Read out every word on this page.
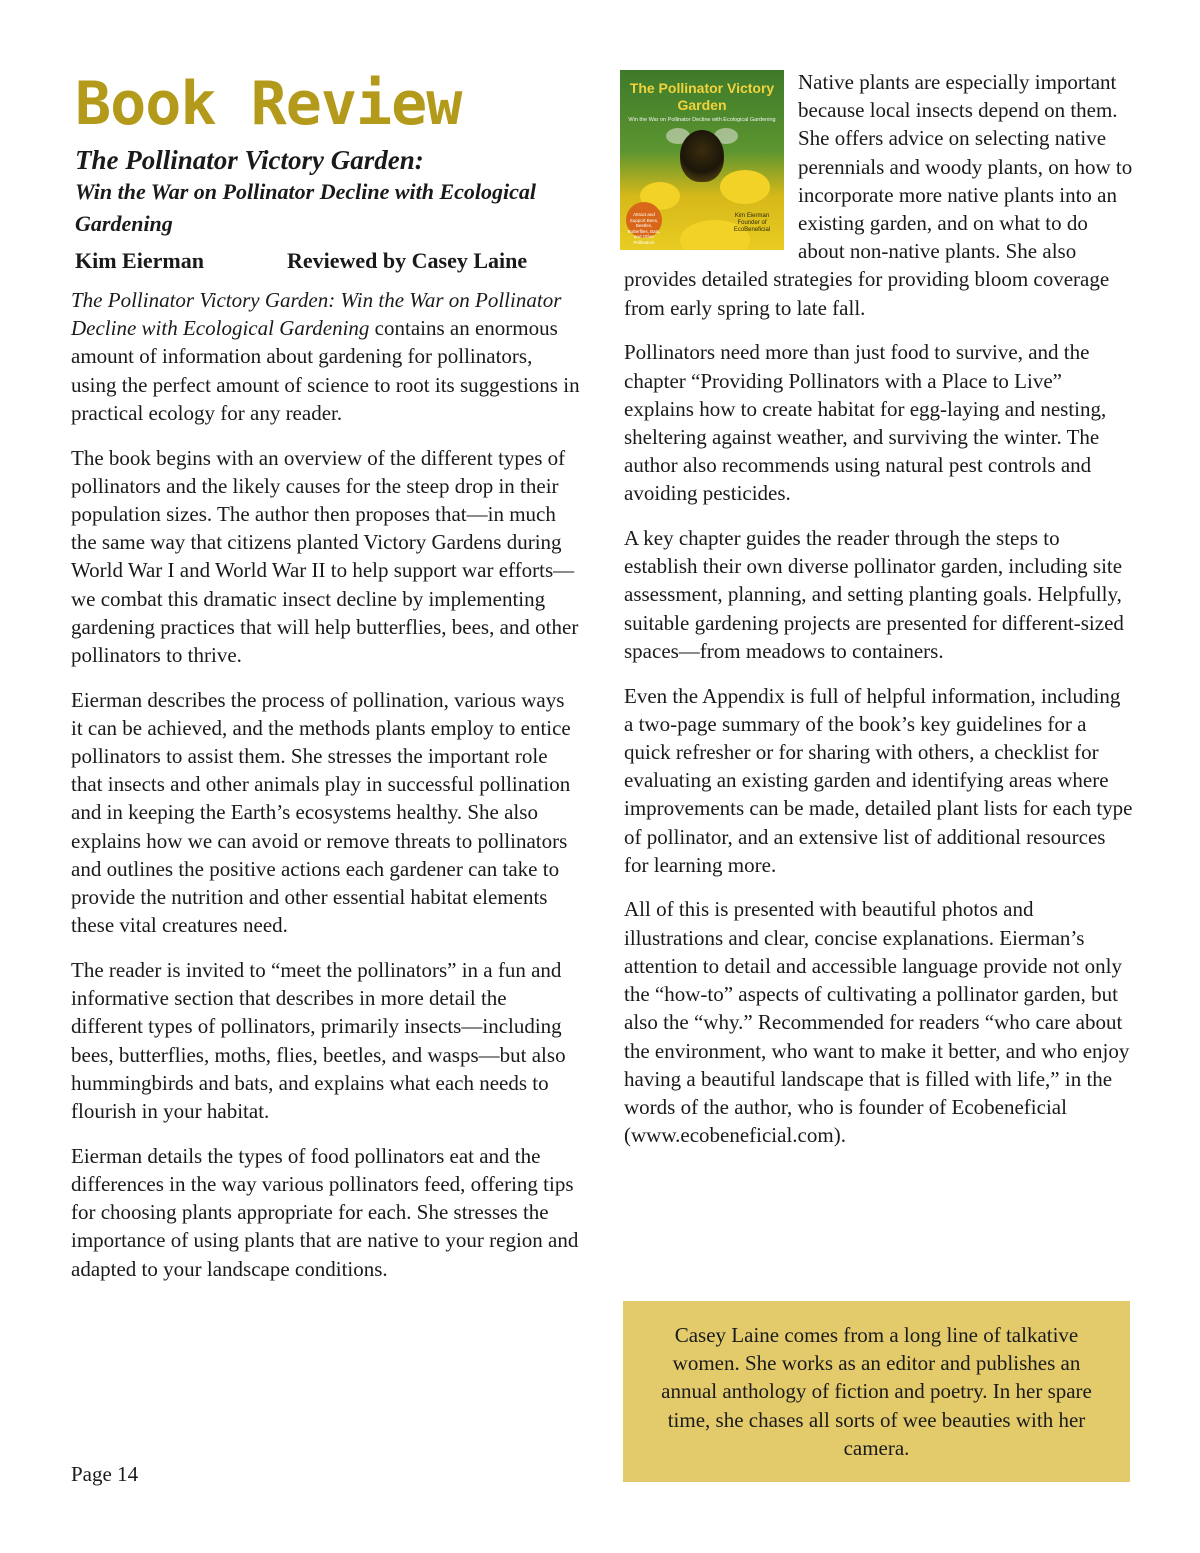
Book Review
The Pollinator Victory Garden:
Win the War on Pollinator Decline with Ecological Gardening
Kim Eierman	Reviewed by Casey Laine

The Pollinator Victory Garden: Win the War on Pollinator Decline with Ecological Gardening contains an enormous amount of information about gardening for pollinators, using the perfect amount of science to root its suggestions in practical ecology for any reader.

The book begins with an overview of the different types of pollinators and the likely causes for the steep drop in their population sizes. The author then proposes that—in much the same way that citizens planted Victory Gardens during World War I and World War II to help support war efforts—we combat this dramatic insect decline by implementing gardening practices that will help butterflies, bees, and other pollinators to thrive.

Eierman describes the process of pollination, various ways it can be achieved, and the methods plants employ to entice pollinators to assist them. She stresses the important role that insects and other animals play in successful pollination and in keeping the Earth’s ecosystems healthy. She also explains how we can avoid or remove threats to pollinators and outlines the positive actions each gardener can take to provide the nutrition and other essential habitat elements these vital creatures need.

The reader is invited to “meet the pollinators” in a fun and informative section that describes in more detail the different types of pollinators, primarily insects—including bees, butterflies, moths, flies, beetles, and wasps—but also hummingbirds and bats, and explains what each needs to flourish in your habitat.

Eierman details the types of food pollinators eat and the differences in the way various pollinators feed, offering tips for choosing plants appropriate for each. She stresses the importance of using plants that are native to your region and adapted to your landscape conditions.

The Pollinator Victory Garden
Win the War on Pollinator Decline with Ecological Gardening
Attract and Support Bees, Beetles, Butterflies, Bats, and Other Pollinators
Kim Eierman Founder of EcoBeneficial

Native plants are especially important because local insects depend on them. She offers advice on selecting native perennials and woody plants, on how to incorporate more native plants into an existing garden, and on what to do about non-native plants. She also provides detailed strategies for providing bloom coverage from early spring to late fall.

Pollinators need more than just food to survive, and the chapter “Providing Pollinators with a Place to Live” explains how to create habitat for egg-laying and nesting, sheltering against weather, and surviving the winter. The author also recommends using natural pest controls and avoiding pesticides.

A key chapter guides the reader through the steps to establish their own diverse pollinator garden, including site assessment, planning, and setting planting goals. Helpfully, suitable gardening projects are presented for different-sized spaces—from meadows to containers.

Even the Appendix is full of helpful information, including a two-page summary of the book’s key guidelines for a quick refresher or for sharing with others, a checklist for evaluating an existing garden and identifying areas where improvements can be made, detailed plant lists for each type of pollinator, and an extensive list of additional resources for learning more.

All of this is presented with beautiful photos and illustrations and clear, concise explanations. Eierman’s attention to detail and accessible language provide not only the “how-to” aspects of cultivating a pollinator garden, but also the “why.” Recommended for readers “who care about the environment, who want to make it better, and who enjoy having a beautiful landscape that is filled with life,” in the words of the author, who is founder of Ecobeneficial (www.ecobeneficial.com).

Casey Laine comes from a long line of talkative women. She works as an editor and publishes an annual anthology of fiction and poetry. In her spare time, she chases all sorts of wee beauties with her camera.
Page 14
